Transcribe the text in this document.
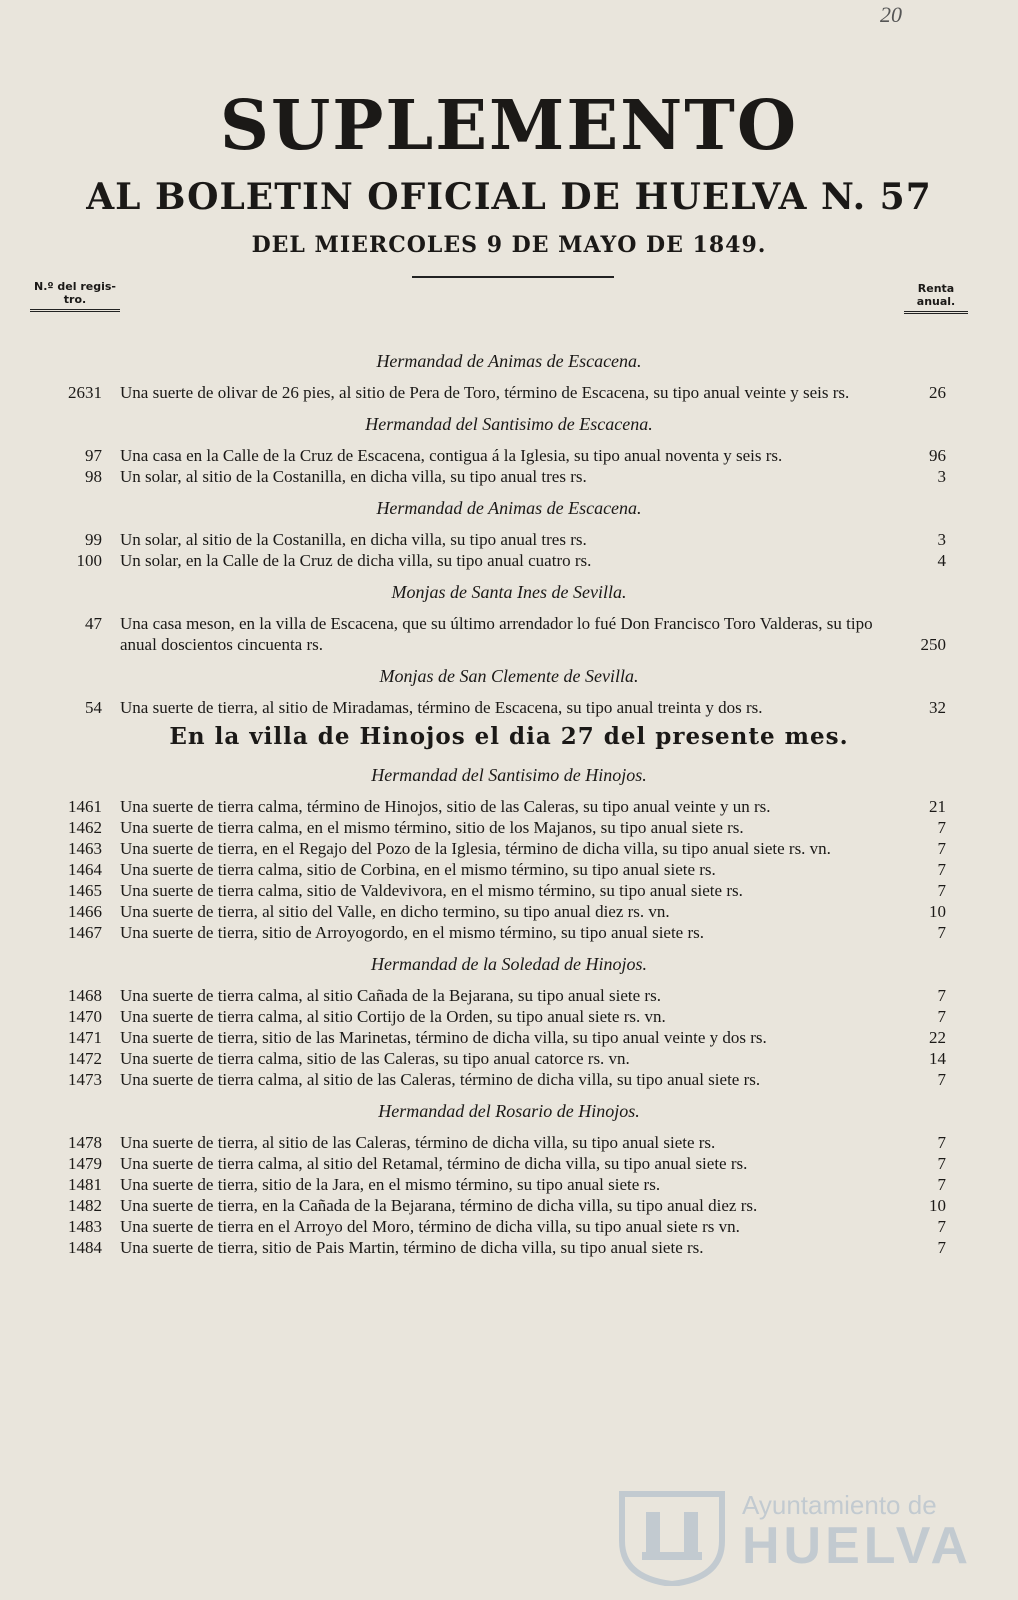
20
SUPLEMENTO
AL BOLETIN OFICIAL DE HUELVA N. 57
DEL MIERCOLES 9 DE MAYO DE 1849.
N.º del regis-
tro.
Renta
anual.
Hermandad de Animas de Escacena.
2631 Una suerte de olivar de 26 pies, al sitio de Pera de Toro, término de Escacena, su tipo anual veinte y seis rs.	26
Hermandad del Santisimo de Escacena.
97 Una casa en la Calle de la Cruz de Escacena, contigua á la Iglesia, su tipo anual noventa y seis rs.	96
98 Un solar, al sitio de la Costanilla, en dicha villa, su tipo anual tres rs.	3
Hermandad de Animas de Escacena.
99 Un solar, al sitio de la Costanilla, en dicha villa, su tipo anual tres rs.	3
100 Un solar, en la Calle de la Cruz de dicha villa, su tipo anual cuatro rs.	4
Monjas de Santa Ines de Sevilla.
47 Una casa meson, en la villa de Escacena, que su último arrendador lo fué Don Francisco Toro Valderas, su tipo anual doscientos cincuenta rs.	250
Monjas de San Clemente de Sevilla.
54 Una suerte de tierra, al sitio de Miradamas, término de Escacena, su tipo anual treinta y dos rs.	32
En la villa de Hinojos el dia 27 del presente mes.
Hermandad del Santisimo de Hinojos.
1461 Una suerte de tierra calma, término de Hinojos, sitio de las Caleras, su tipo anual veinte y un rs.	21
1462 Una suerte de tierra calma, en el mismo término, sitio de los Majanos, su tipo anual siete rs.	7
1463 Una suerte de tierra, en el Regajo del Pozo de la Iglesia, término de dicha villa, su tipo anual siete rs. vn.	7
1464 Una suerte de tierra calma, sitio de Corbina, en el mismo término, su tipo anual siete rs.	7
1465 Una suerte de tierra calma, sitio de Valdevivora, en el mismo término, su tipo anual siete rs.	7
1466 Una suerte de tierra, al sitio del Valle, en dicho termino, su tipo anual diez rs. vn.	10
1467 Una suerte de tierra, sitio de Arroyogordo, en el mismo término, su tipo anual siete rs.	7
Hermandad de la Soledad de Hinojos.
1468 Una suerte de tierra calma, al sitio Cañada de la Bejarana, su tipo anual siete rs.	7
1470 Una suerte de tierra calma, al sitio Cortijo de la Orden, su tipo anual siete rs. vn.	7
1471 Una suerte de tierra, sitio de las Marinetas, término de dicha villa, su tipo anual veinte y dos rs.	22
1472 Una suerte de tierra calma, sitio de las Caleras, su tipo anual catorce rs. vn.	14
1473 Una suerte de tierra calma, al sitio de las Caleras, término de dicha villa, su tipo anual siete rs.	7
Hermandad del Rosario de Hinojos.
1478 Una suerte de tierra, al sitio de las Caleras, término de dicha villa, su tipo anual siete rs.	7
1479 Una suerte de tierra calma, al sitio del Retamal, término de dicha villa, su tipo anual siete rs.	7
1481 Una suerte de tierra, sitio de la Jara, en el mismo término, su tipo anual siete rs.	7
1482 Una suerte de tierra, en la Cañada de la Bejarana, término de dicha villa, su tipo anual diez rs.	10
1483 Una suerte de tierra en el Arroyo del Moro, término de dicha villa, su tipo anual siete rs vn.	7
1484 Una suerte de tierra, sitio de Pais Martin, término de dicha villa, su tipo anual siete rs.	7
Ayuntamiento de
HUELVA
